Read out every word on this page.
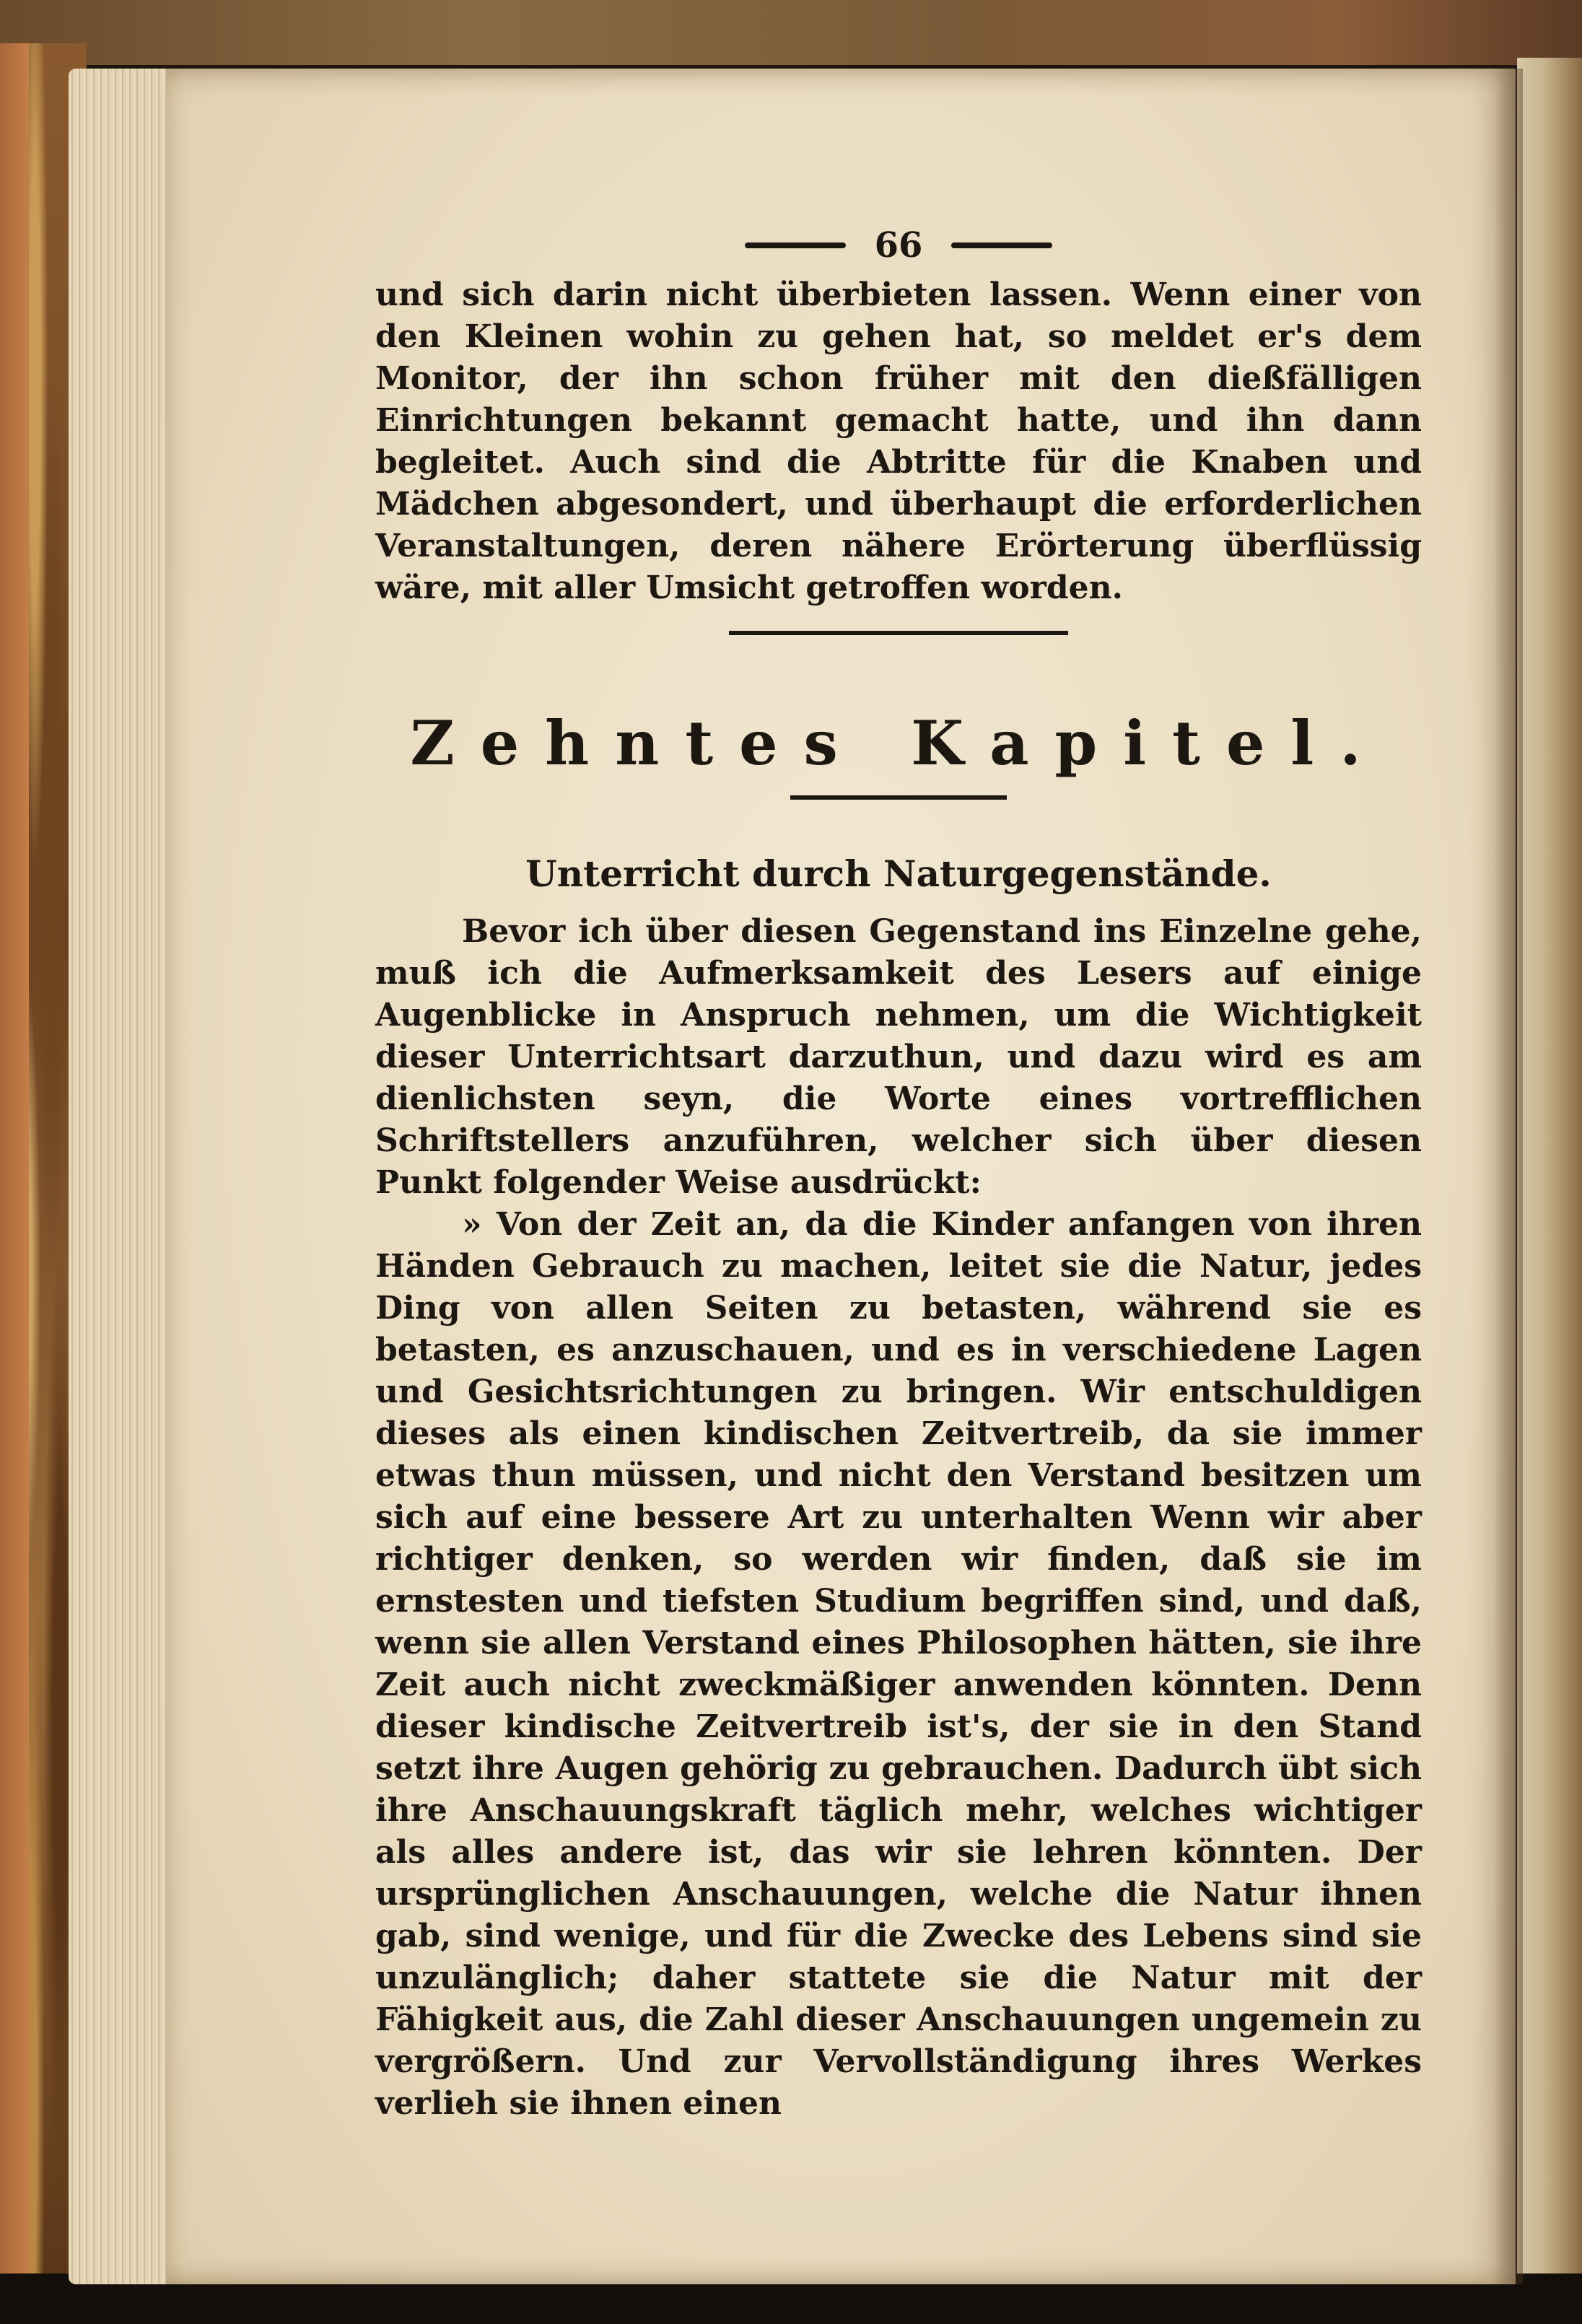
66

und sich darin nicht überbieten lassen. Wenn einer von den Kleinen wohin zu gehen hat, so meldet er's dem Monitor, der ihn schon früher mit den dießfälligen Einrichtungen bekannt gemacht hatte, und ihn dann begleitet. Auch sind die Abtritte für die Knaben und Mädchen abgesondert, und überhaupt die erforderlichen Veranstaltungen, deren nähere Erörterung überflüssig wäre, mit aller Umsicht getroffen worden.

Zehntes Kapitel.
Unterricht durch Naturgegenstände.

Bevor ich über diesen Gegenstand ins Einzelne gehe, muß ich die Aufmerksamkeit des Lesers auf einige Augenblicke in Anspruch nehmen, um die Wichtigkeit dieser Unterrichtsart darzuthun, und dazu wird es am dienlichsten seyn, die Worte eines vortrefflichen Schriftstellers anzuführen, welcher sich über diesen Punkt folgender Weise ausdrückt:

» Von der Zeit an, da die Kinder anfangen von ihren Händen Gebrauch zu machen, leitet sie die Natur, jedes Ding von allen Seiten zu betasten, während sie es betasten, es anzuschauen, und es in verschiedene Lagen und Gesichtsrichtungen zu bringen. Wir entschuldigen dieses als einen kindischen Zeitvertreib, da sie immer etwas thun müssen, und nicht den Verstand besitzen um sich auf eine bessere Art zu unterhalten Wenn wir aber richtiger denken, so werden wir finden, daß sie im ernstesten und tiefsten Studium begriffen sind, und daß, wenn sie allen Verstand eines Philosophen hätten, sie ihre Zeit auch nicht zweckmäßiger anwenden könnten. Denn dieser kindische Zeitvertreib ist's, der sie in den Stand setzt ihre Augen gehörig zu gebrauchen. Dadurch übt sich ihre Anschauungskraft täglich mehr, welches wichtiger als alles andere ist, das wir sie lehren könnten. Der ursprünglichen Anschauungen, welche die Natur ihnen gab, sind wenige, und für die Zwecke des Lebens sind sie unzulänglich; daher stattete sie die Natur mit der Fähigkeit aus, die Zahl dieser Anschauungen ungemein zu vergrößern. Und zur Vervollständigung ihres Werkes verlieh sie ihnen einen
